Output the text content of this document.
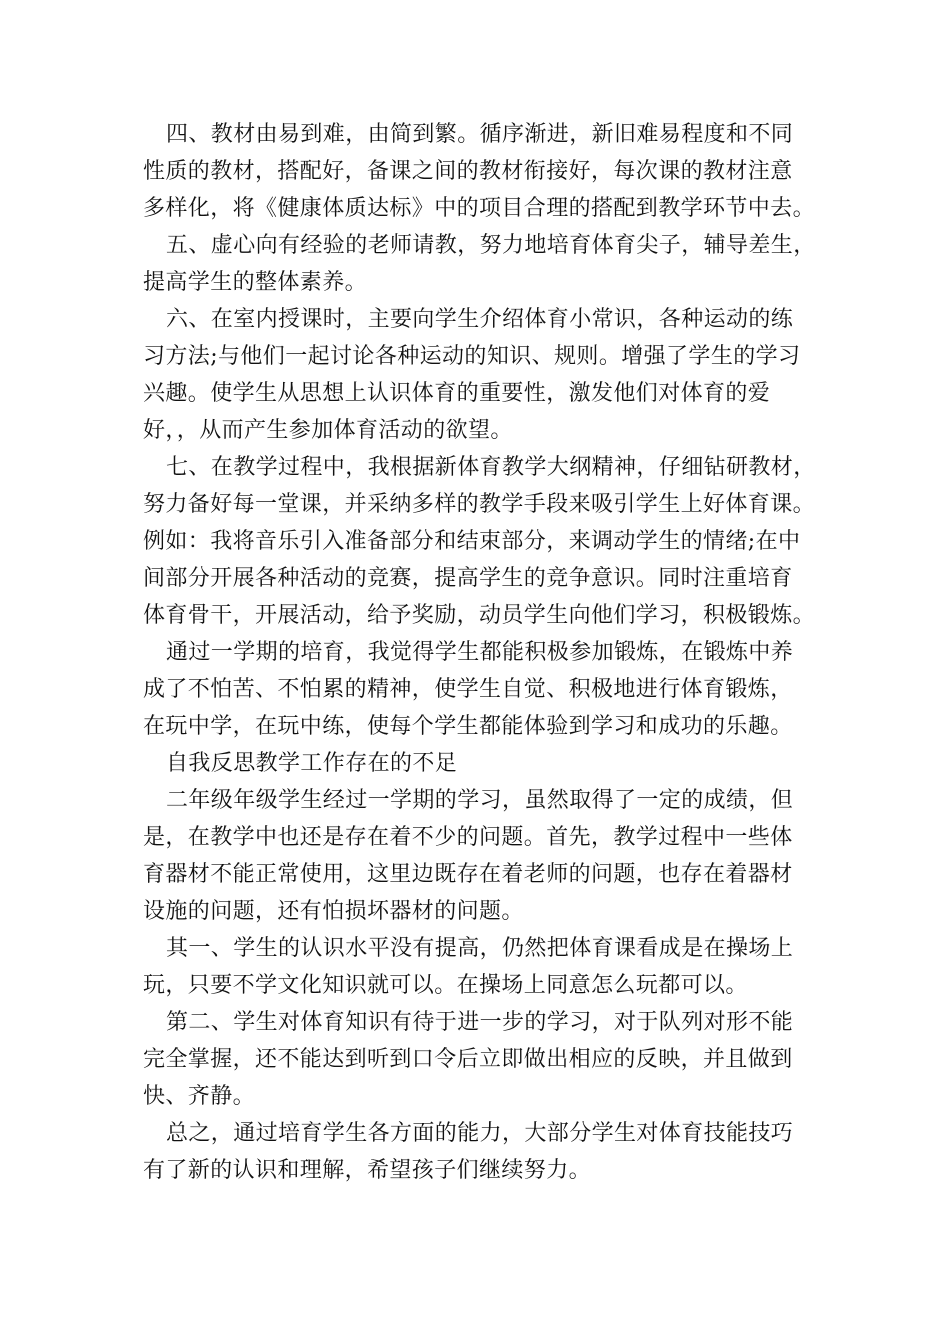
四、教材由易到难，由简到繁。循序渐进，新旧难易程度和不同

性质的教材，搭配好，备课之间的教材衔接好，每次课的教材注意

多样化，将《健康体质达标》中的项目合理的搭配到教学环节中去。

五、虚心向有经验的老师请教，努力地培育体育尖子，辅导差生，

提高学生的整体素养。

六、在室内授课时，主要向学生介绍体育小常识，各种运动的练

习方法;与他们一起讨论各种运动的知识、规则。增强了学生的学习

兴趣。使学生从思想上认识体育的重要性，激发他们对体育的爱

好，，从而产生参加体育活动的欲望。

七、在教学过程中，我根据新体育教学大纲精神，仔细钻研教材，

努力备好每一堂课，并采纳多样的教学手段来吸引学生上好体育课。

例如：我将音乐引入准备部分和结束部分，来调动学生的情绪;在中

间部分开展各种活动的竞赛，提高学生的竞争意识。同时注重培育

体育骨干，开展活动，给予奖励，动员学生向他们学习，积极锻炼。

通过一学期的培育，我觉得学生都能积极参加锻炼，在锻炼中养

成了不怕苦、不怕累的精神，使学生自觉、积极地进行体育锻炼，

在玩中学，在玩中练，使每个学生都能体验到学习和成功的乐趣。

自我反思教学工作存在的不足

二年级年级学生经过一学期的学习，虽然取得了一定的成绩，但

是，在教学中也还是存在着不少的问题。首先，教学过程中一些体

育器材不能正常使用，这里边既存在着老师的问题，也存在着器材

设施的问题，还有怕损坏器材的问题。

其一、学生的认识水平没有提高，仍然把体育课看成是在操场上

玩，只要不学文化知识就可以。在操场上同意怎么玩都可以。

第二、学生对体育知识有待于进一步的学习，对于队列对形不能

完全掌握，还不能达到听到口令后立即做出相应的反映，并且做到

快、齐静。

总之，通过培育学生各方面的能力，大部分学生对体育技能技巧

有了新的认识和理解，希望孩子们继续努力。
